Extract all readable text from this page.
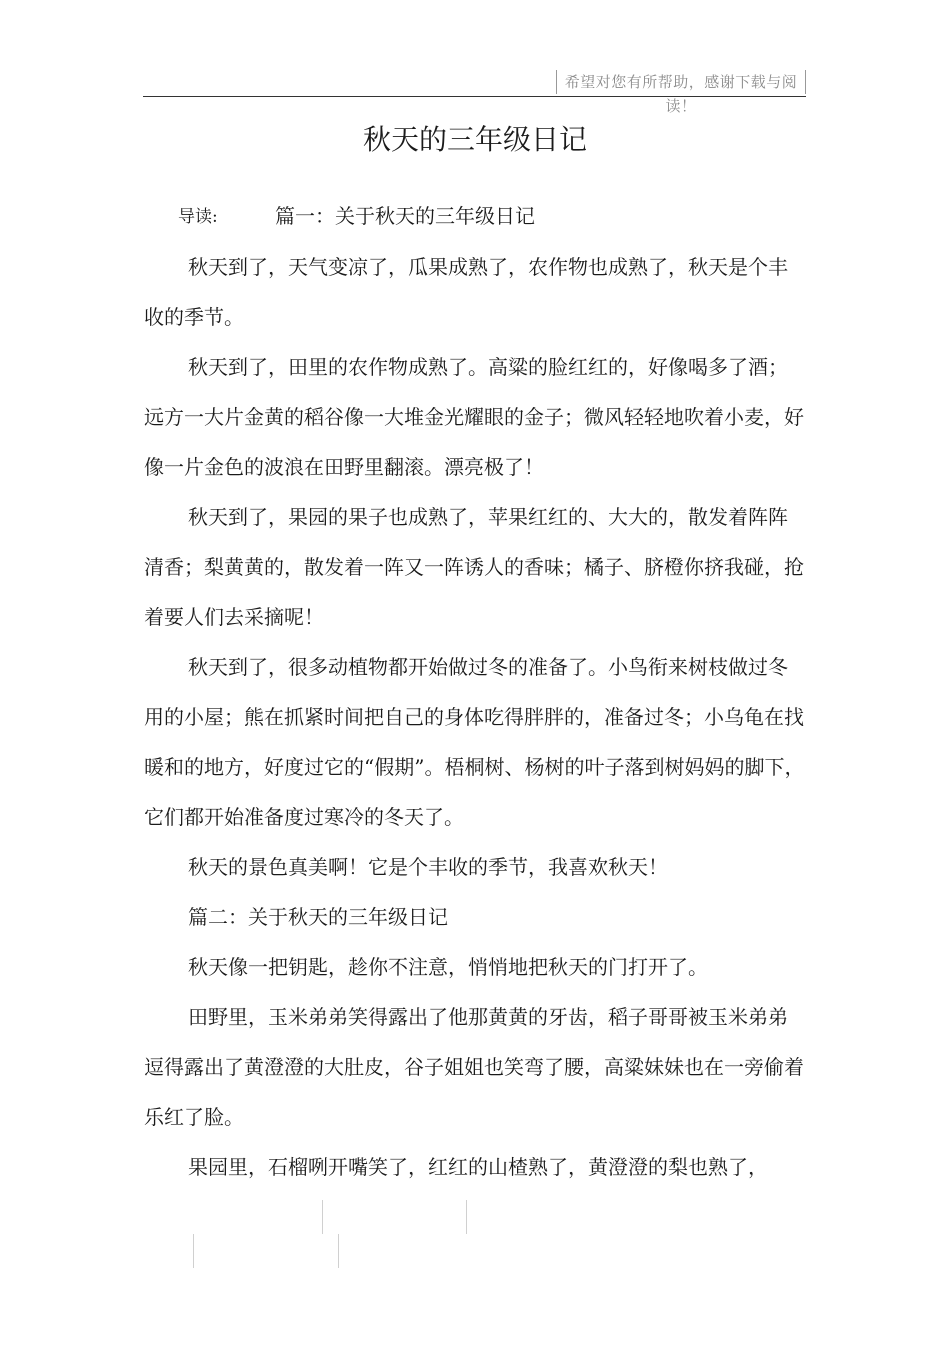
希望对您有所帮助，感谢下载与阅读！
秋天的三年级日记
导读:	篇一：关于秋天的三年级日记

秋天到了，天气变凉了，瓜果成熟了，农作物也成熟了，秋天是个丰收的季节。

秋天到了，田里的农作物成熟了。高粱的脸红红的，好像喝多了酒；远方一大片金黄的稻谷像一大堆金光耀眼的金子；微风轻轻地吹着小麦，好像一片金色的波浪在田野里翻滚。漂亮极了！

秋天到了，果园的果子也成熟了，苹果红红的、大大的，散发着阵阵清香；梨黄黄的，散发着一阵又一阵诱人的香味；橘子、脐橙你挤我碰，抢着要人们去采摘呢！

秋天到了，很多动植物都开始做过冬的准备了。小鸟衔来树枝做过冬用的小屋；熊在抓紧时间把自己的身体吃得胖胖的，准备过冬；小乌龟在找暖和的地方，好度过它的“假期”。梧桐树、杨树的叶子落到树妈妈的脚下，它们都开始准备度过寒冷的冬天了。

秋天的景色真美啊！它是个丰收的季节，我喜欢秋天！

篇二：关于秋天的三年级日记

秋天像一把钥匙，趁你不注意，悄悄地把秋天的门打开了。

田野里，玉米弟弟笑得露出了他那黄黄的牙齿，稻子哥哥被玉米弟弟逗得露出了黄澄澄的大肚皮，谷子姐姐也笑弯了腰，高粱妹妹也在一旁偷着乐红了脸。

果园里，石榴咧开嘴笑了，红红的山楂熟了，黄澄澄的梨也熟了，
